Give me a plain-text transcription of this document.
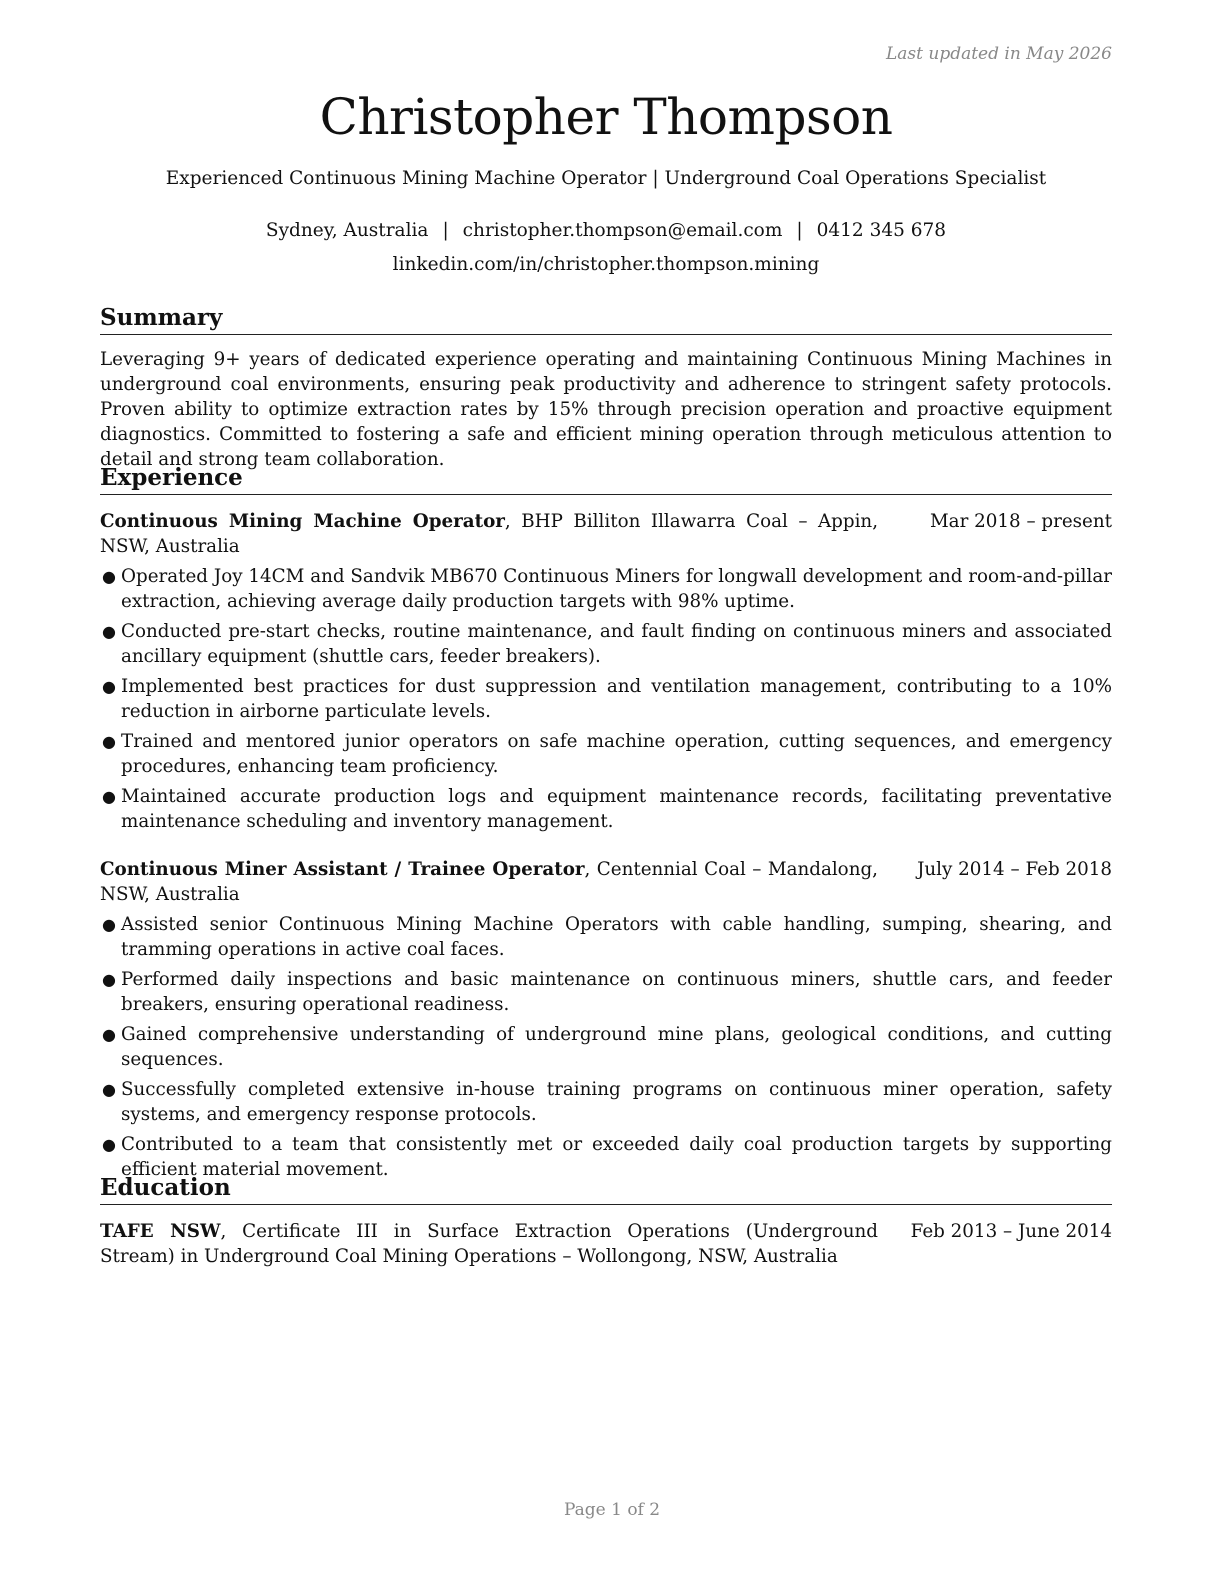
Last updated in May 2026
Christopher Thompson

Experienced Continuous Mining Machine Operator | Underground Coal Operations Specialist

Sydney, Australia | christopher.thompson@email.com | 0412 345 678
linkedin.com/in/christopher.thompson.mining
Summary

Leveraging 9+ years of dedicated experience operating and maintaining Continuous Mining Machines in underground coal environments, ensuring peak productivity and adherence to stringent safety protocols. Proven ability to optimize extraction rates by 15% through precision operation and proactive equipment diagnostics. Committed to fostering a safe and efficient mining operation through meticulous attention to detail and strong team collaboration.

Experience
Continuous Mining Machine Operator, BHP Billiton Illawarra Coal – Appin, NSW, Australia
Mar 2018 – present
● Operated Joy 14CM and Sandvik MB670 Continuous Miners for longwall development and room-and-pillar extraction, achieving average daily production targets with 98% uptime.
● Conducted pre-start checks, routine maintenance, and fault finding on continuous miners and associated ancillary equipment (shuttle cars, feeder breakers).
● Implemented best practices for dust suppression and ventilation management, contributing to a 10% reduction in airborne particulate levels.
● Trained and mentored junior operators on safe machine operation, cutting sequences, and emergency procedures, enhancing team proficiency.
● Maintained accurate production logs and equipment maintenance records, facilitating preventative maintenance scheduling and inventory management.
Continuous Miner Assistant / Trainee Operator, Centennial Coal – Mandalong, NSW, Australia
July 2014 – Feb 2018
● Assisted senior Continuous Mining Machine Operators with cable handling, sumping, shearing, and tramming operations in active coal faces.
● Performed daily inspections and basic maintenance on continuous miners, shuttle cars, and feeder breakers, ensuring operational readiness.
● Gained comprehensive understanding of underground mine plans, geological conditions, and cutting sequences.
● Successfully completed extensive in-house training programs on continuous miner operation, safety systems, and emergency response protocols.
● Contributed to a team that consistently met or exceeded daily coal production targets by supporting efficient material movement.
Education
TAFE NSW, Certificate III in Surface Extraction Operations (Underground Stream) in Underground Coal Mining Operations – Wollongong, NSW, Australia
Feb 2013 – June 2014
Page 1 of 2
